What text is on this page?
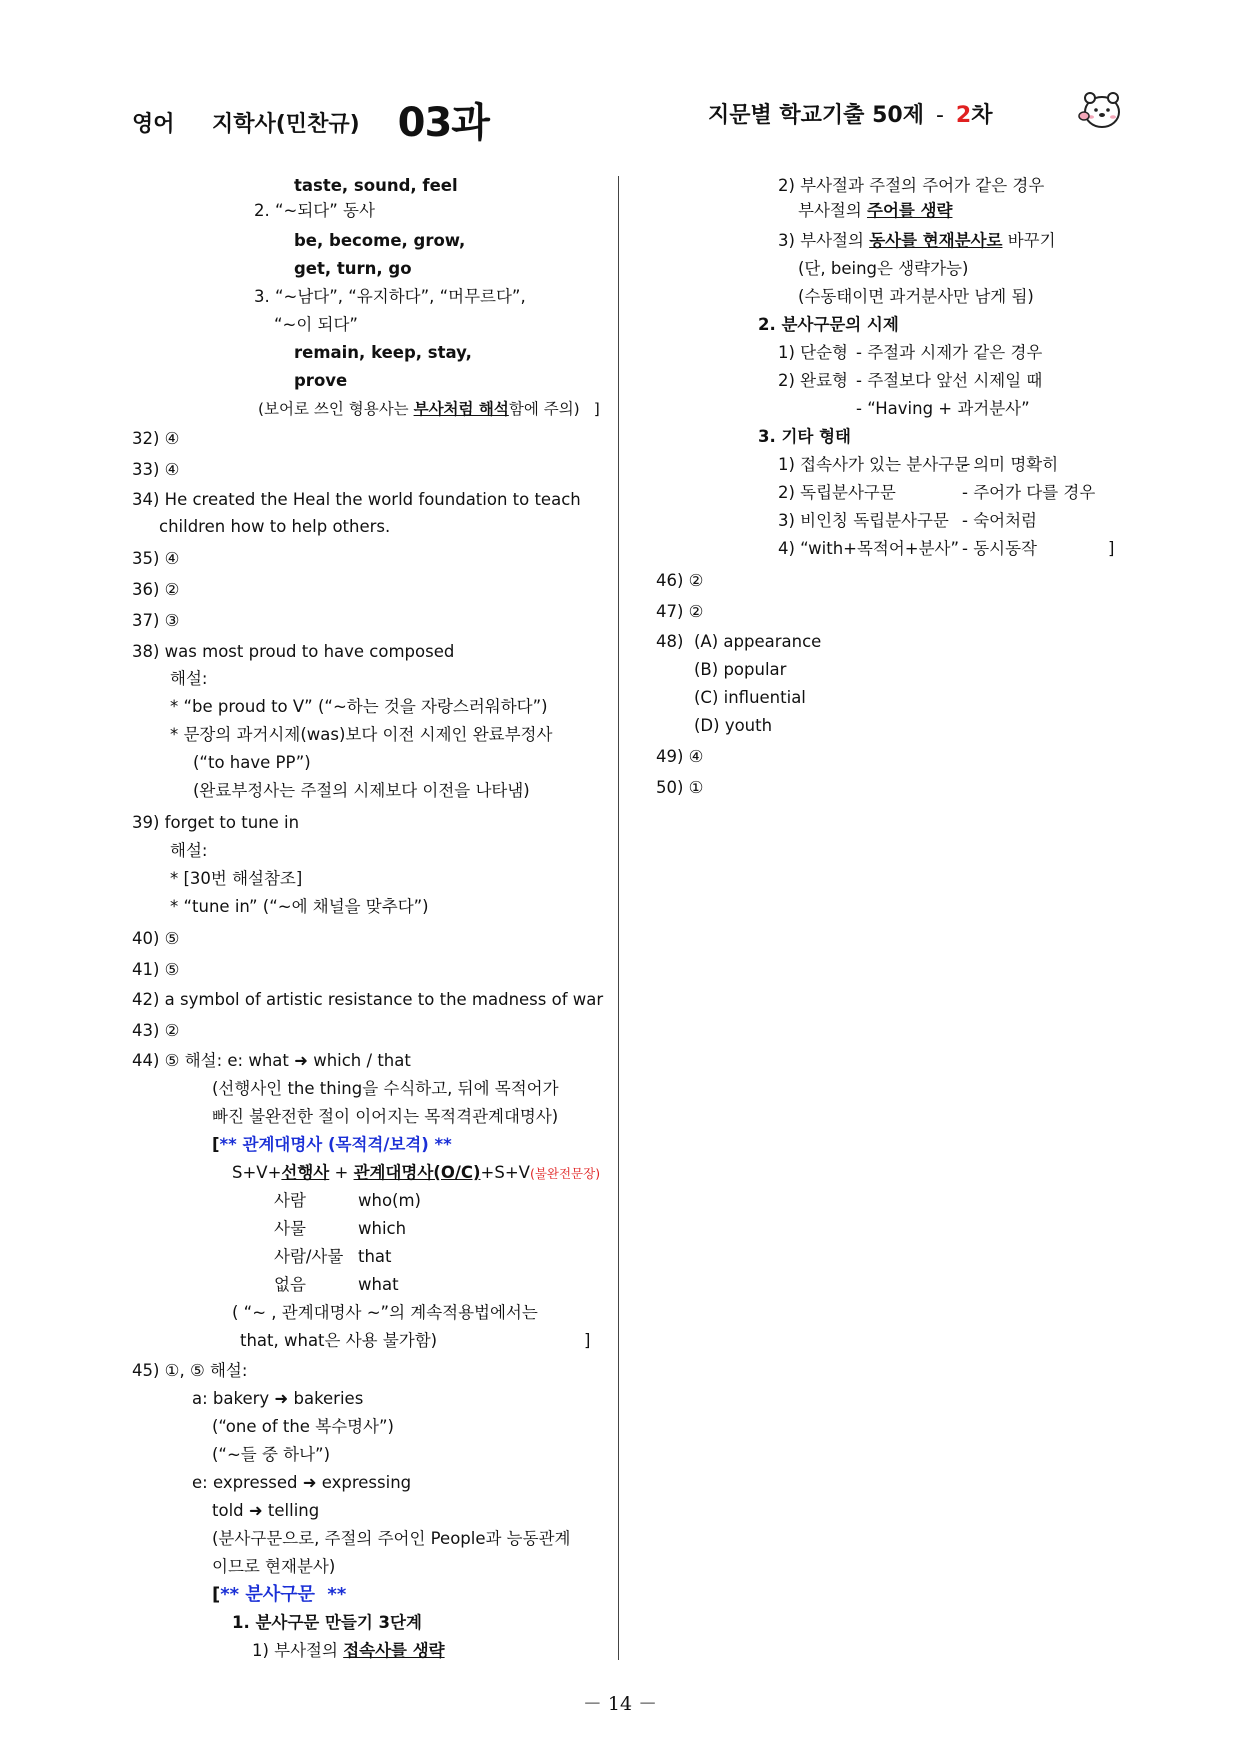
영어 지학사(민찬규) 03과	지문별 학교기출 50제 - 2차
taste, sound, feel
2. “~되다” 동사
be, become, grow,
get, turn, go
3. “~남다”, “유지하다”, “머무르다”,
“~이 되다”
remain, keep, stay,
prove
(보어로 쓰인 형용사는 부사처럼 해석함에 주의) ]
32) ④
33) ④
34) He created the Heal the world foundation to teach
children how to help others.
35) ④
36) ②
37) ③
38) was most proud to have composed
해설:
* “be proud to V” (“~하는 것을 자랑스러워하다”)
* 문장의 과거시제(was)보다 이전 시제인 완료부정사
(“to have PP”)
(완료부정사는 주절의 시제보다 이전을 나타냄)
39) forget to tune in
해설:
* [30번 해설참조]
* “tune in” (“~에 채널을 맞추다”)
40) ⑤
41) ⑤
42) a symbol of artistic resistance to the madness of war
43) ②
44) ⑤ 해설: e: what ➜ which / that
(선행사인 the thing을 수식하고, 뒤에 목적어가
빠진 불완전한 절이 이어지는 목적격관계대명사)
[** 관계대명사 (목적격/보격) **
S+V+선행사 + 관계대명사(O/C)+S+V(불완전문장)
사람	who(m)
사물	which
사람/사물 that
없음	what
( “~ , 관계대명사 ~”의 계속적용법에서는
that, what은 사용 불가함)	]
45) ①, ⑤ 해설:
a: bakery ➜ bakeries
(“one of the 복수명사”)
(“~들 중 하나”)
e: expressed ➜ expressing
told ➜ telling
(분사구문으로, 주절의 주어인 People과 능동관계
이므로 현재분사)
[** 분사구문  **
1. 분사구문 만들기 3단계
1) 부사절의 접속사를 생략
2) 부사절과 주절의 주어가 같은 경우
부사절의 주어를 생략
3) 부사절의 동사를 현재분사로 바꾸기
(단, being은 생략가능)
(수동태이면 과거분사만 남게 됨)
2. 분사구문의 시제
1) 단순형 - 주절과 시제가 같은 경우
2) 완료형 - 주절보다 앞선 시제일 때
- “Having + 과거분사”
3. 기타 형태
1) 접속사가 있는 분사구문- 의미 명확히
2) 독립분사구문	- 주어가 다를 경우
3) 비인칭 독립분사구문 - 숙어처럼
4) “with+목적어+분사” - 동시동작	]
46) ②
47) ②
48) (A) appearance
(B) popular
(C) influential
(D) youth
49) ④
50) ①
－ 14 －
